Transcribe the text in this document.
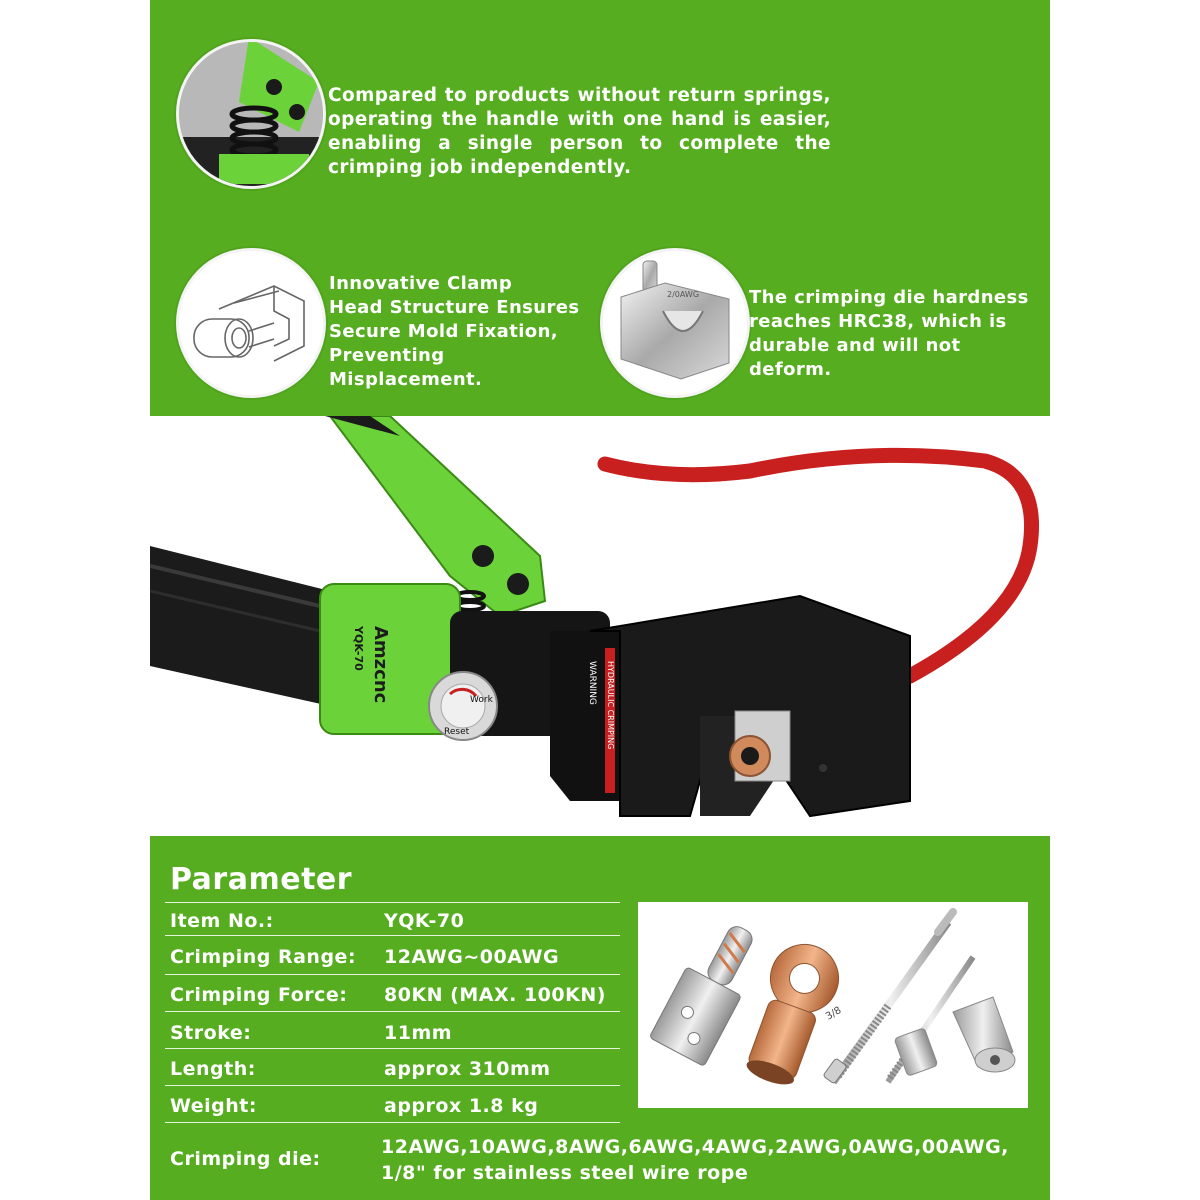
Compared to products without return springs, operating the handle with one hand is easier, enabling a single person to complete the crimping job independently.
Innovative Clamp
Head Structure Ensures
Secure Mold Fixation,
Preventing Misplacement.
2/0AWG	The crimping die hardness
reaches HRC38, which is
durable and will not deform.
Amzcnc
YQK-70
Work
Reset
WARNING HYDRAULIC CRIMPING
Parameter
Item No.:	YQK-70
Crimping Range: 12AWG~00AWG
Crimping Force: 80KN (MAX. 100KN)
Stroke:	11mm
Length:	approx 310mm
Weight:	approx 1.8 kg
Crimping die:
12AWG,10AWG,8AWG,6AWG,4AWG,2AWG,0AWG,00AWG,
1/8" for stainless steel wire rope
3/8
